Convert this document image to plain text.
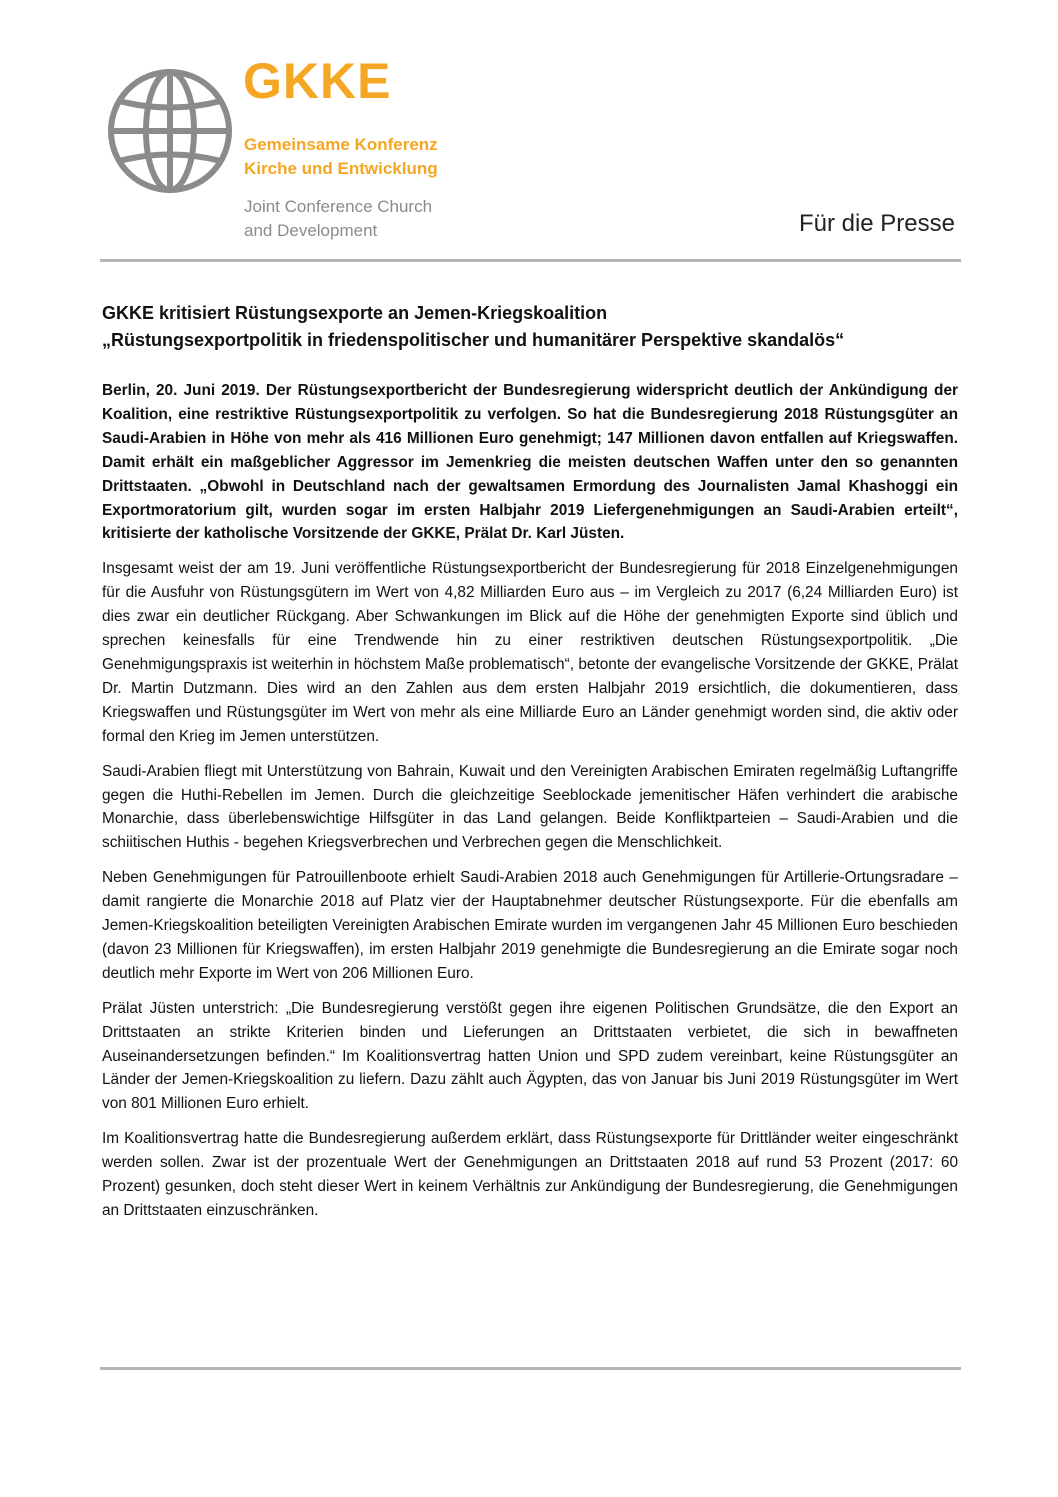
GKKE
Gemeinsame Konferenz
Kirche und Entwicklung
Joint Conference Church
and Development	Für die Presse
GKKE kritisiert Rüstungsexporte an Jemen-Kriegskoalition
„Rüstungsexportpolitik in friedenspolitischer und humanitärer Perspektive skandalös“

Berlin, 20. Juni 2019. Der Rüstungsexportbericht der Bundesregierung widerspricht deutlich der Ankündigung der Koalition, eine restriktive Rüstungsexportpolitik zu verfolgen. So hat die Bundesregierung 2018 Rüstungsgüter an Saudi-Arabien in Höhe von mehr als 416 Millionen Euro genehmigt; 147 Millionen davon entfallen auf Kriegswaffen. Damit erhält ein maßgeblicher Aggressor im Jemenkrieg die meisten deutschen Waffen unter den so genannten Drittstaaten. „Obwohl in Deutschland nach der gewaltsamen Ermordung des Journalisten Jamal Khashoggi ein Exportmoratorium gilt, wurden sogar im ersten Halbjahr 2019 Liefergenehmigungen an Saudi-Arabien erteilt“, kritisierte der katholische Vorsitzende der GKKE, Prälat Dr. Karl Jüsten.

Insgesamt weist der am 19. Juni veröffentliche Rüstungsexportbericht der Bundesregierung für 2018 Einzelgenehmigungen für die Ausfuhr von Rüstungsgütern im Wert von 4,82 Milliarden Euro aus – im Vergleich zu 2017 (6,24 Milliarden Euro) ist dies zwar ein deutlicher Rückgang. Aber Schwankungen im Blick auf die Höhe der genehmigten Exporte sind üblich und sprechen keinesfalls für eine Trendwende hin zu einer restriktiven deutschen Rüstungsexportpolitik. „Die Genehmigungspraxis ist weiterhin in höchstem Maße problematisch“, betonte der evangelische Vorsitzende der GKKE, Prälat Dr. Martin Dutzmann. Dies wird an den Zahlen aus dem ersten Halbjahr 2019 ersichtlich, die dokumentieren, dass Kriegswaffen und Rüstungsgüter im Wert von mehr als eine Milliarde Euro an Länder genehmigt worden sind, die aktiv oder formal den Krieg im Jemen unterstützen.

Saudi-Arabien fliegt mit Unterstützung von Bahrain, Kuwait und den Vereinigten Arabischen Emiraten regelmäßig Luftangriffe gegen die Huthi-Rebellen im Jemen. Durch die gleichzeitige Seeblockade jemenitischer Häfen verhindert die arabische Monarchie, dass überlebenswichtige Hilfsgüter in das Land gelangen. Beide Konfliktparteien – Saudi-Arabien und die schiitischen Huthis - begehen Kriegsverbrechen und Verbrechen gegen die Menschlichkeit.

Neben Genehmigungen für Patrouillenboote erhielt Saudi-Arabien 2018 auch Genehmigungen für Artillerie-Ortungsradare – damit rangierte die Monarchie 2018 auf Platz vier der Hauptabnehmer deutscher Rüstungsexporte. Für die ebenfalls am Jemen-Kriegskoalition beteiligten Vereinigten Arabischen Emirate wurden im vergangenen Jahr 45 Millionen Euro beschieden (davon 23 Millionen für Kriegswaffen), im ersten Halbjahr 2019 genehmigte die Bundesregierung an die Emirate sogar noch deutlich mehr Exporte im Wert von 206 Millionen Euro.

Prälat Jüsten unterstrich: „Die Bundesregierung verstößt gegen ihre eigenen Politischen Grundsätze, die den Export an Drittstaaten an strikte Kriterien binden und Lieferungen an Drittstaaten verbietet, die sich in bewaffneten Auseinandersetzungen befinden.“ Im Koalitionsvertrag hatten Union und SPD zudem vereinbart, keine Rüstungsgüter an Länder der Jemen-Kriegskoalition zu liefern. Dazu zählt auch Ägypten, das von Januar bis Juni 2019 Rüstungsgüter im Wert von 801 Millionen Euro erhielt.

Im Koalitionsvertrag hatte die Bundesregierung außerdem erklärt, dass Rüstungsexporte für Drittländer weiter eingeschränkt werden sollen. Zwar ist der prozentuale Wert der Genehmigungen an Drittstaaten 2018 auf rund 53 Prozent (2017: 60 Prozent) gesunken, doch steht dieser Wert in keinem Verhältnis zur Ankündigung der Bundesregierung, die Genehmigungen an Drittstaaten einzuschränken.
